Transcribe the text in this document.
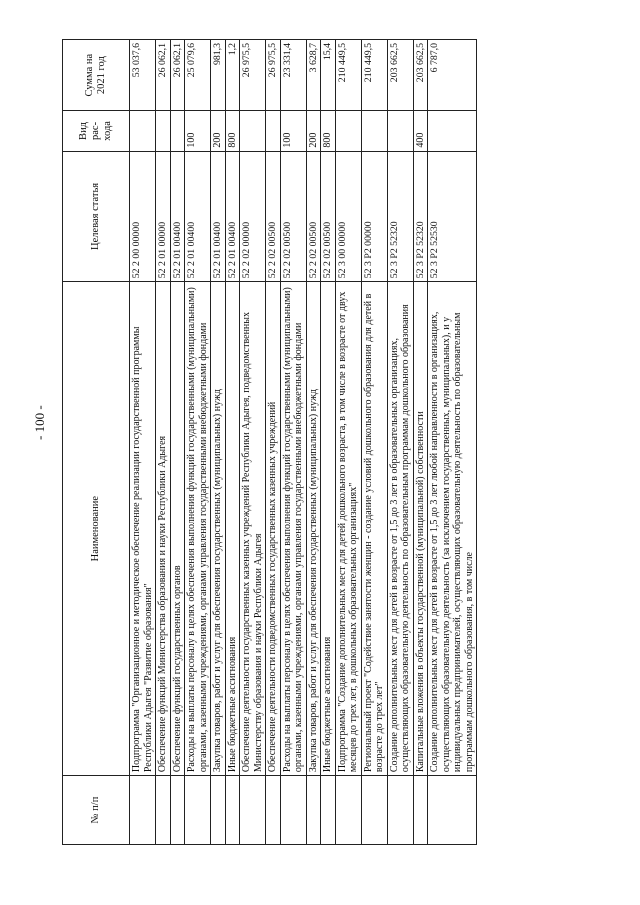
- 100 -
№ п/п	Наименование	Целевая статья	Вид рас-хода	Сумма на 2021 год
	Подпрограмма "Организационное и методическое обеспечение реализации государственной программы Республики Адыгея "Развитие образования"	52 2 00 00000		53 037,6
	Обеспечение функций Министерства образования и науки Республики Адыгея	52 2 01 00000		26 062,1
	Обеспечение функций государственных органов	52 2 01 00400		26 062,1
	Расходы на выплаты персоналу в целях обеспечения выполнения функций государственными (муниципальными) органами, казенными учреждениями, органами управления государственными внебюджетными фондами	52 2 01 00400	100	25 079,6
	Закупка товаров, работ и услуг для обеспечения государственных (муниципальных) нужд	52 2 01 00400	200	981,3
	Иные бюджетные ассигнования	52 2 01 00400	800	1,2
	Обеспечение деятельности государственных казенных учреждений Республики Адыгея, подведомственных Министерству образования и науки Республики Адыгея	52 2 02 00000		26 975,5
	Обеспечение деятельности подведомственных государственных казенных учреждений	52 2 02 00500		26 975,5
	Расходы на выплаты персоналу в целях обеспечения выполнения функций государственными (муниципальными) органами, казенными учреждениями, органами управления государственными внебюджетными фондами	52 2 02 00500	100	23 331,4
	Закупка товаров, работ и услуг для обеспечения государственных (муниципальных) нужд	52 2 02 00500	200	3 628,7
	Иные бюджетные ассигнования	52 2 02 00500	800	15,4
	Подпрограмма "Создание дополнительных мест для детей дошкольного возраста, в том числе в возрасте от двух месяцев до трех лет, в дошкольных образовательных организациях"	52 3 00 00000		210 449,5
	Региональный проект "Содействие занятости женщин - создание условий дошкольного образования для детей в возрасте до трех лет"	52 3 P2 00000		210 449,5
	Создание дополнительных мест для детей в возрасте от 1,5 до 3 лет в образовательных организациях, осуществляющих образовательную деятельность по образовательным программам дошкольного образования	52 3 P2 52320		203 662,5
	Капитальные вложения в объекты государственной (муниципальной) собственности	52 3 P2 52320	400	203 662,5
	Создание дополнительных мест для детей в возрасте от 1,5 до 3 лет любой направленности в организациях, осуществляющих образовательную деятельность (за исключением государственных, муниципальных), и у индивидуальных предпринимателей, осуществляющих образовательную деятельность по образовательным программам дошкольного образования, в том числе	52 3 P2 52530		6 787,0
